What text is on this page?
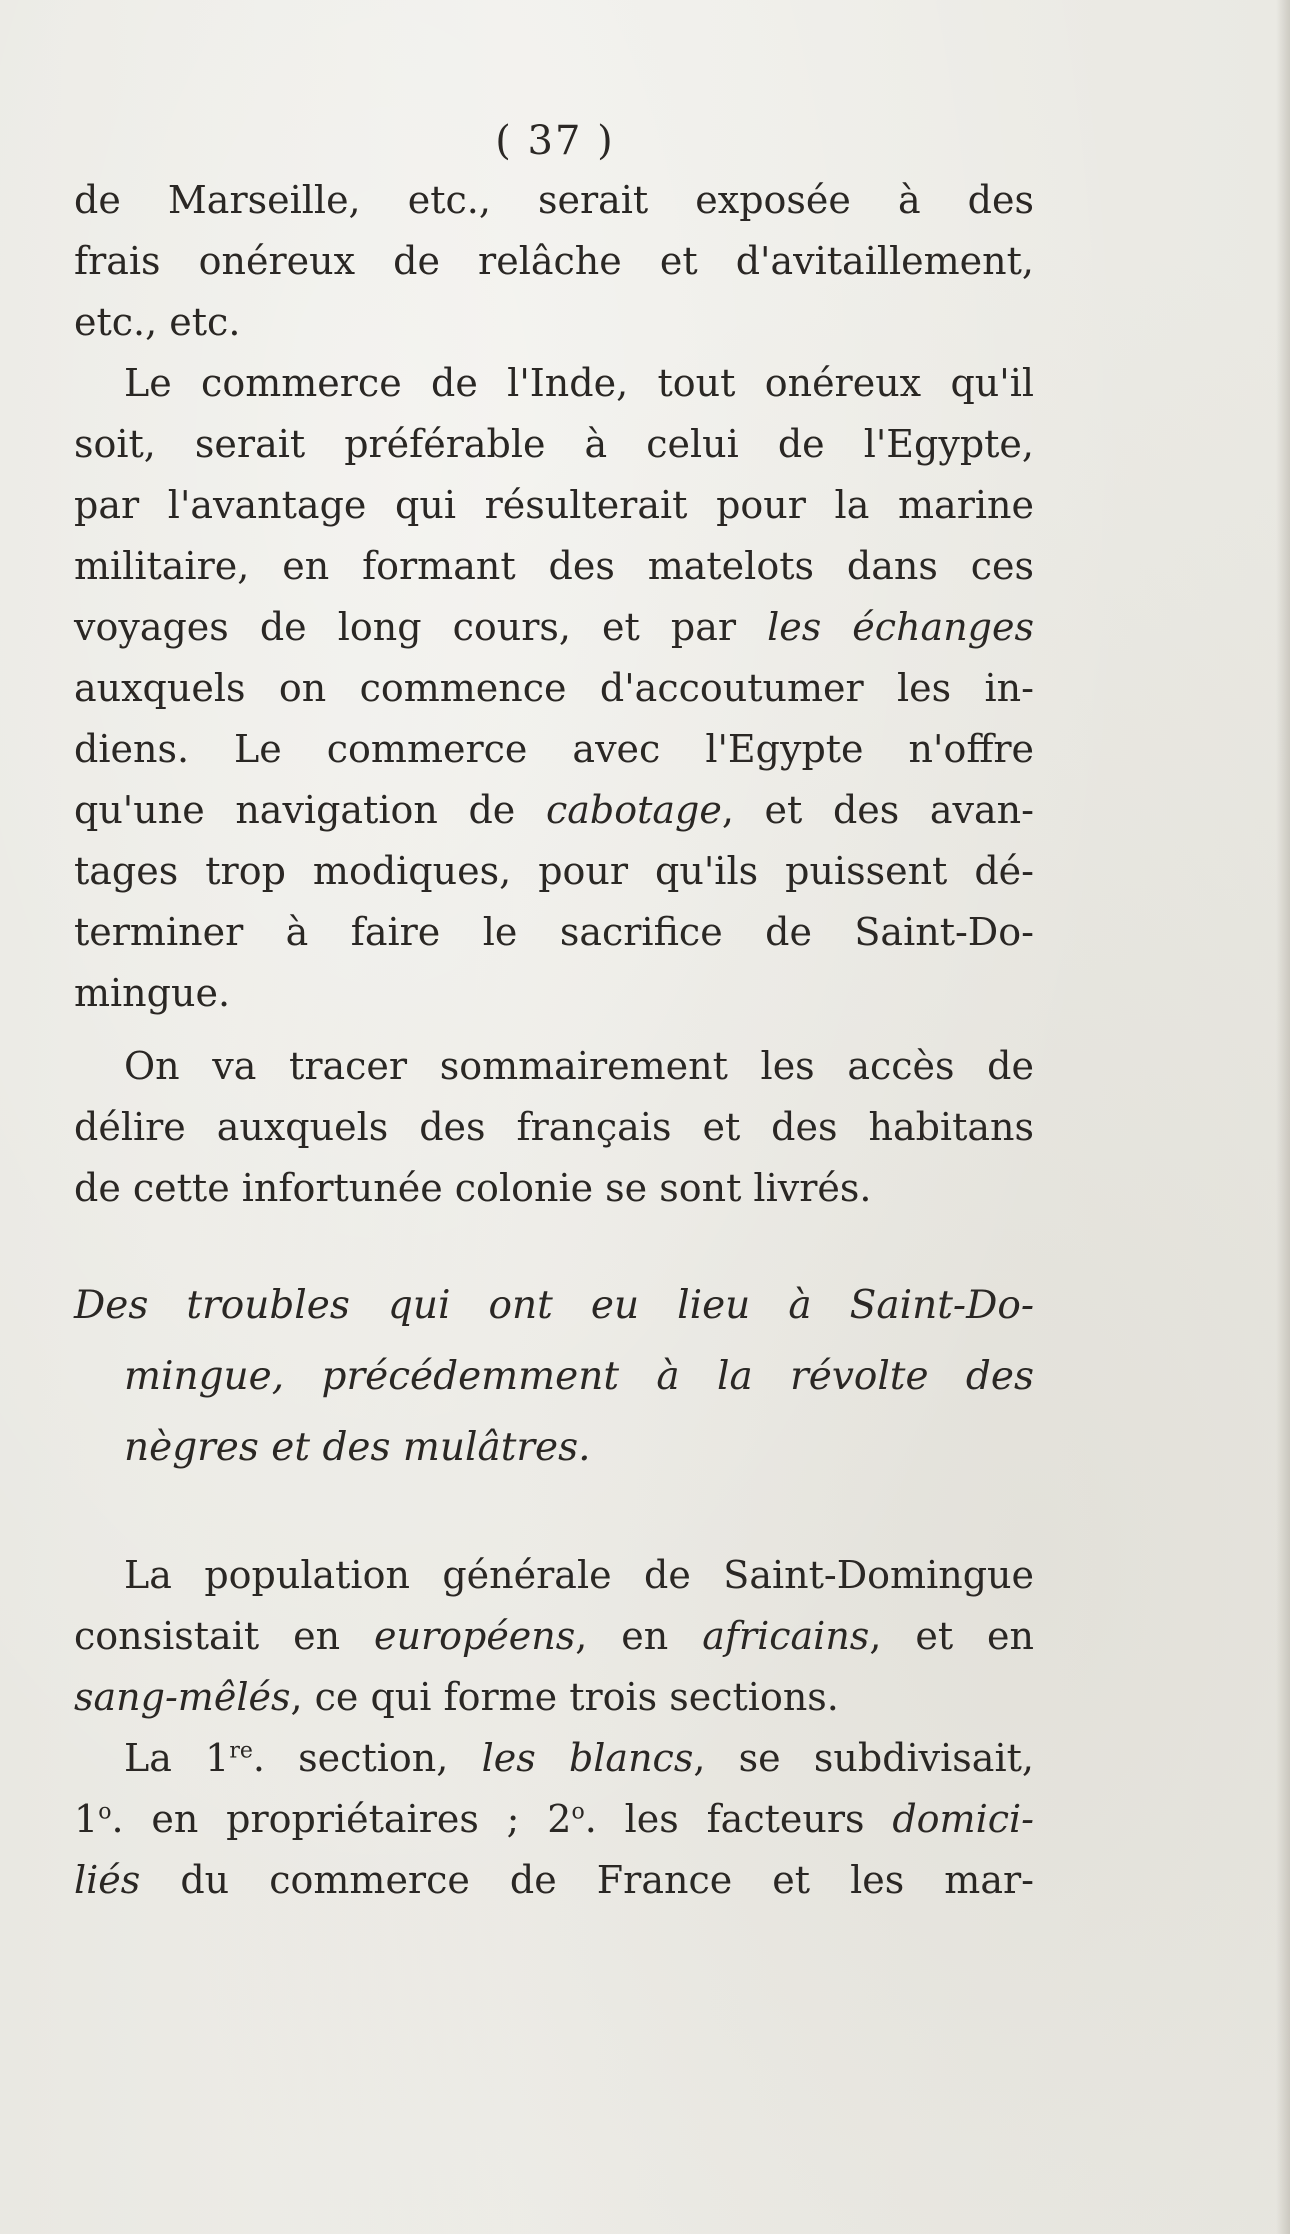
( 37 )
de Marseille, etc., serait exposée à des
frais onéreux de relâche et d'avitaillement,
etc., etc.
Le commerce de l'Inde, tout onéreux qu'il
soit, serait préférable à celui de l'Egypte,
par l'avantage qui résulterait pour la marine
militaire, en formant des matelots dans ces
voyages de long cours, et par les échanges
auxquels on commence d'accoutumer les in-
diens. Le commerce avec l'Egypte n'offre
qu'une navigation de cabotage, et des avan-
tages trop modiques, pour qu'ils puissent dé-
terminer à faire le sacrifice de Saint-Do-
mingue.
On va tracer sommairement les accès de
délire auxquels des français et des habitans
de cette infortunée colonie se sont livrés.
Des troubles qui ont eu lieu à Saint-Do-
mingue, précédemment à la révolte des
nègres et des mulâtres.
La population générale de Saint-Domingue
consistait en européens, en africains, et en
sang-mêlés, ce qui forme trois sections.
La 1re. section, les blancs, se subdivisait,
1$^o$. en propriétaires ; 2$^o$. les facteurs domici-
liés du commerce de France et les mar-
